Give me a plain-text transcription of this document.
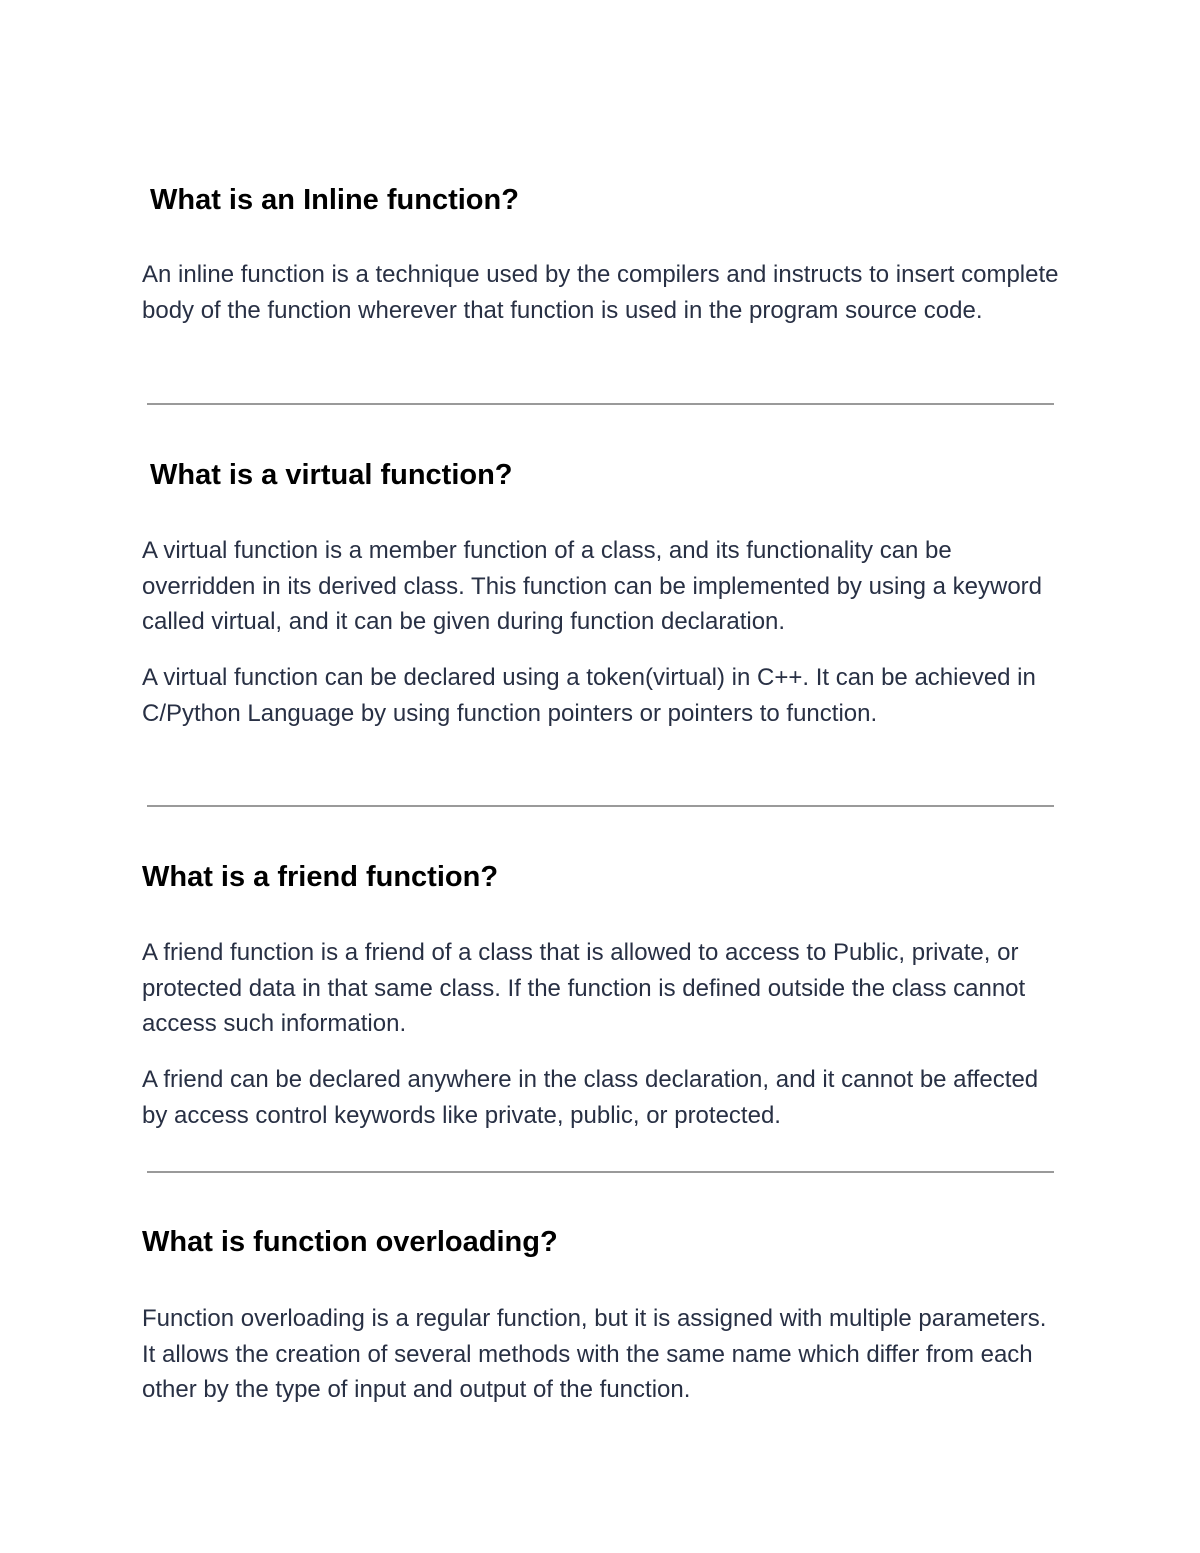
What is an Inline function?

An inline function is a technique used by the compilers and instructs to insert complete body of the function wherever that function is used in the program source code.

What is a virtual function?

A virtual function is a member function of a class, and its functionality can be overridden in its derived class. This function can be implemented by using a keyword called virtual, and it can be given during function declaration.

A virtual function can be declared using a token(virtual) in C++. It can be achieved in C/Python Language by using function pointers or pointers to function.

What is a friend function?

A friend function is a friend of a class that is allowed to access to Public, private, or protected data in that same class. If the function is defined outside the class cannot access such information.

A friend can be declared anywhere in the class declaration, and it cannot be affected by access control keywords like private, public, or protected.

What is function overloading?

Function overloading is a regular function, but it is assigned with multiple parameters. It allows the creation of several methods with the same name which differ from each other by the type of input and output of the function.
